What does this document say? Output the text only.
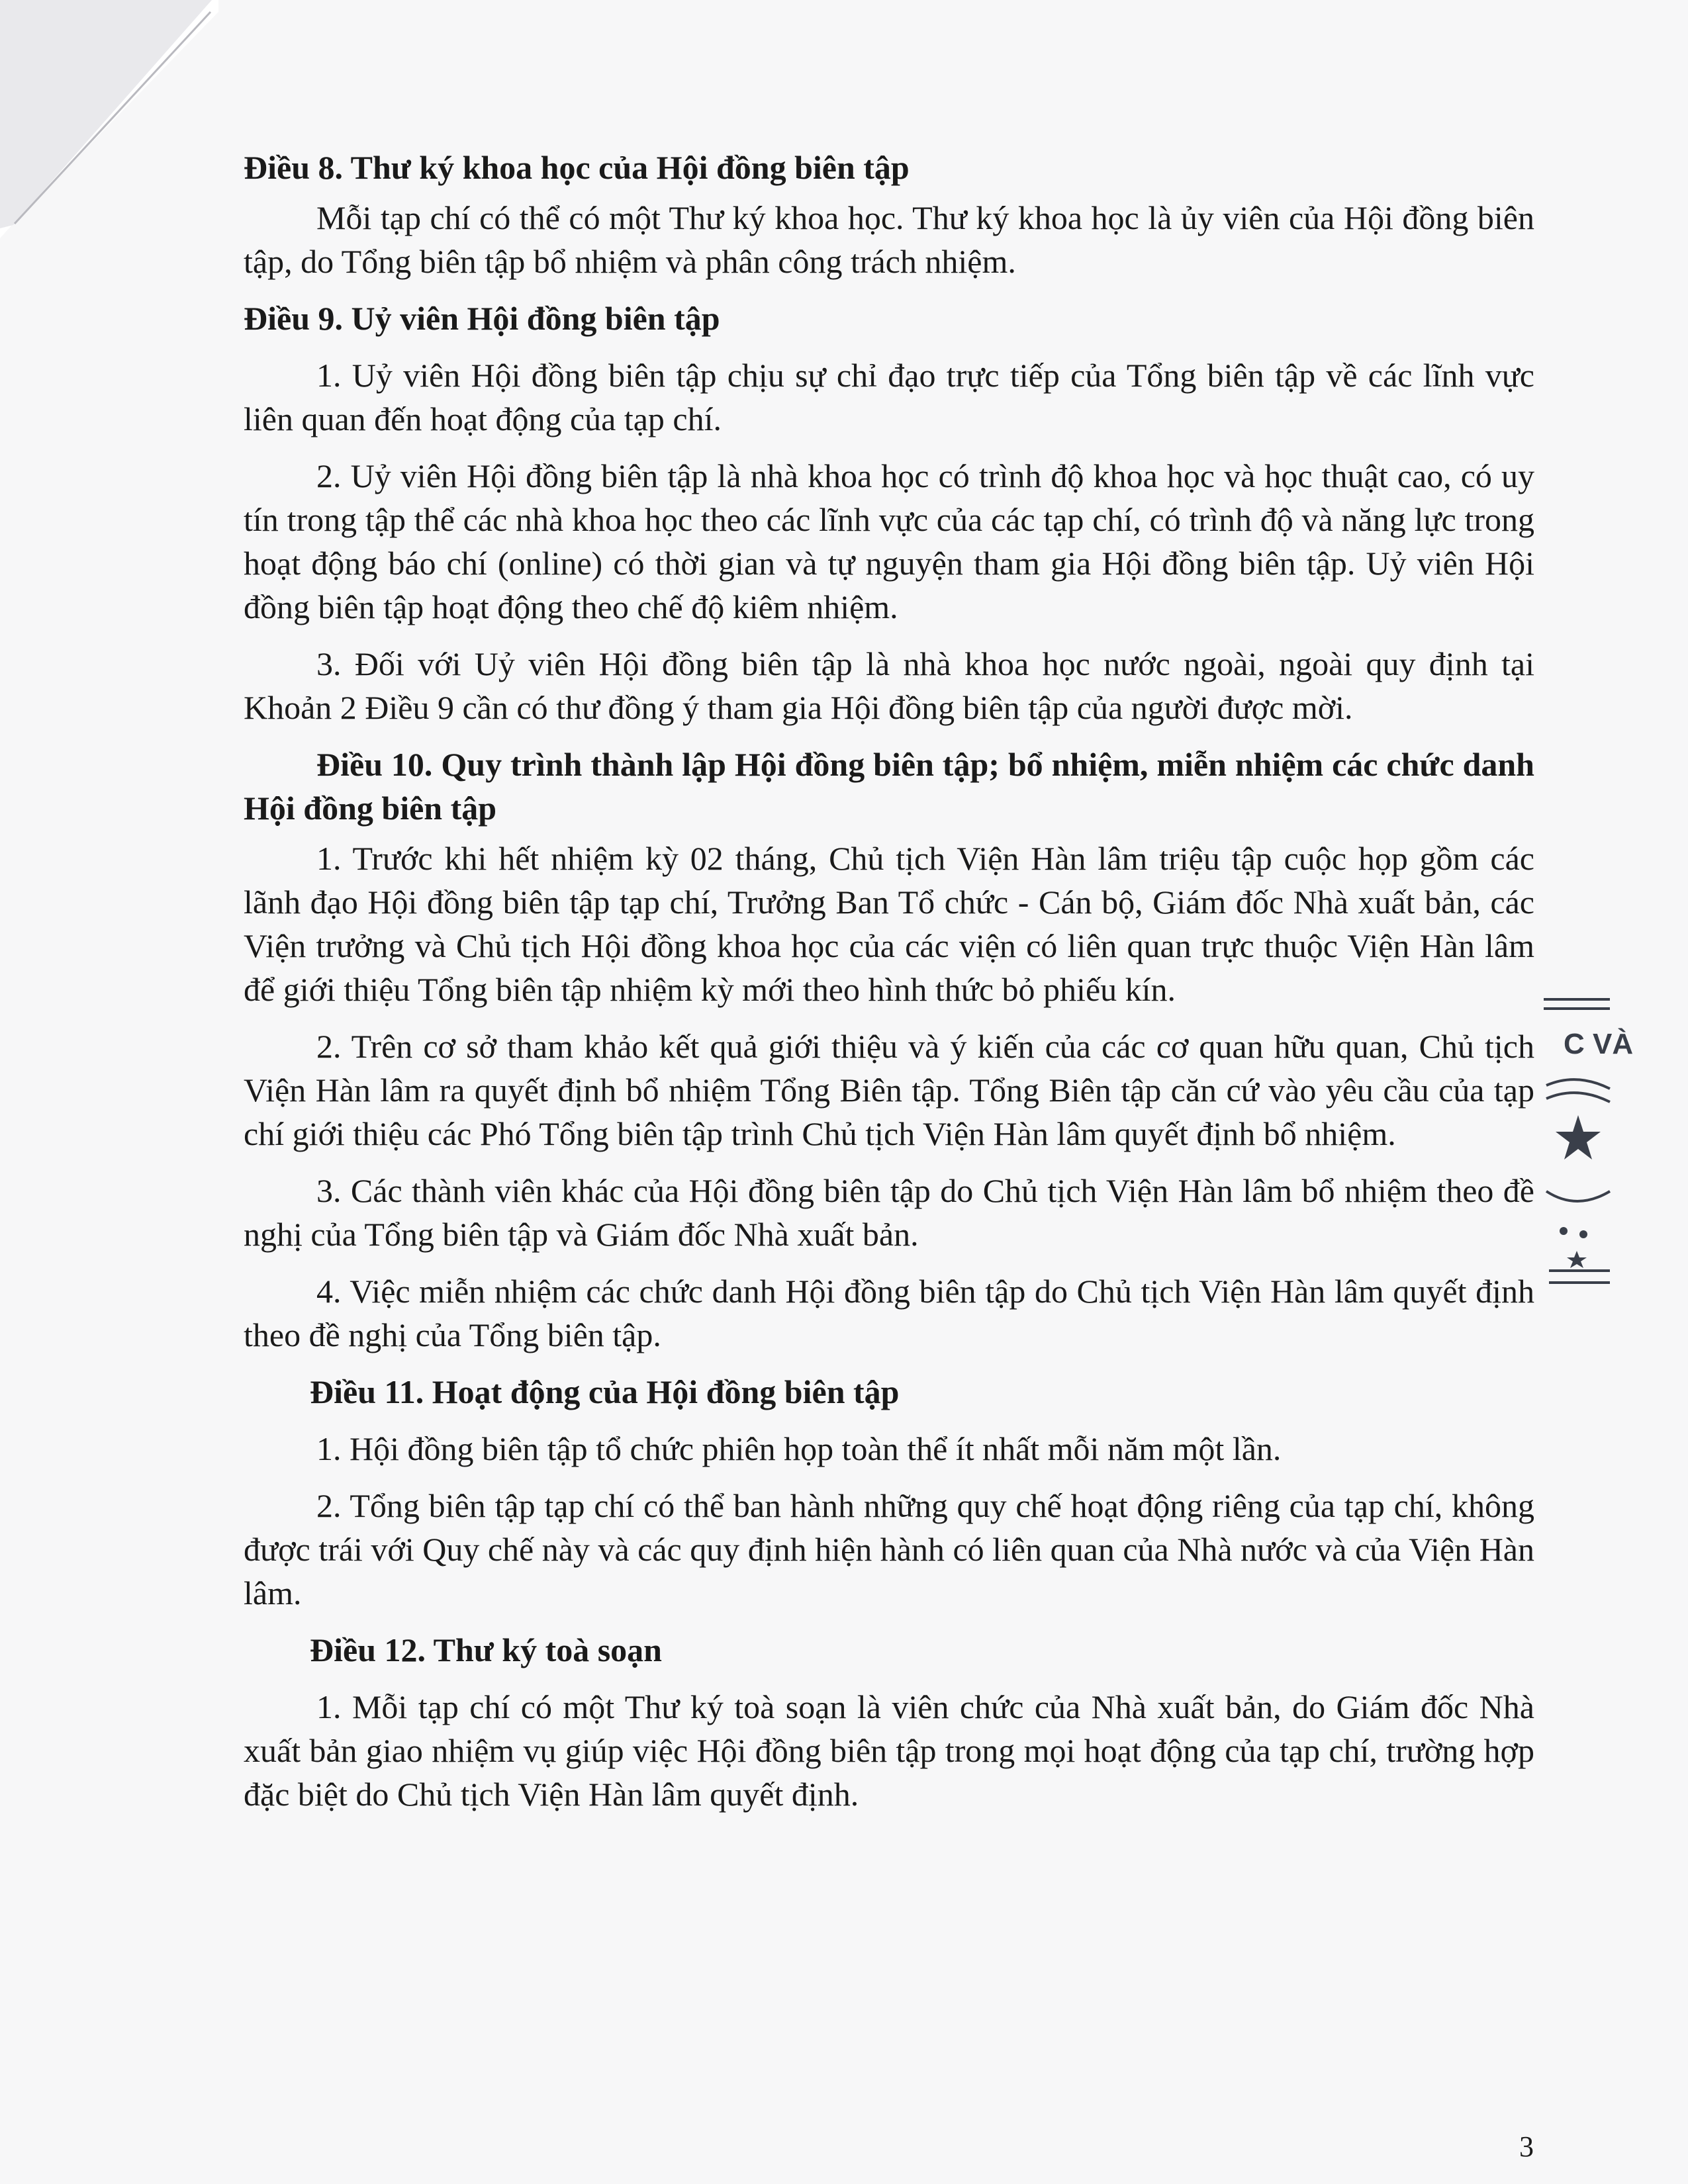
Điều 8. Thư ký khoa học của Hội đồng biên tập

Mỗi tạp chí có thể có một Thư ký khoa học. Thư ký khoa học là ủy viên của Hội đồng biên tập, do Tổng biên tập bổ nhiệm và phân công trách nhiệm.

Điều 9. Uỷ viên Hội đồng biên tập

1. Uỷ viên Hội đồng biên tập chịu sự chỉ đạo trực tiếp của Tổng biên tập về các lĩnh vực liên quan đến hoạt động của tạp chí.

2. Uỷ viên Hội đồng biên tập là nhà khoa học có trình độ khoa học và học thuật cao, có uy tín trong tập thể các nhà khoa học theo các lĩnh vực của các tạp chí, có trình độ và năng lực trong hoạt động báo chí (online) có thời gian và tự nguyện tham gia Hội đồng biên tập. Uỷ viên Hội đồng biên tập hoạt động theo chế độ kiêm nhiệm.

3. Đối với Uỷ viên Hội đồng biên tập là nhà khoa học nước ngoài, ngoài quy định tại Khoản 2 Điều 9 cần có thư đồng ý tham gia Hội đồng biên tập của người được mời.

Điều 10. Quy trình thành lập Hội đồng biên tập; bổ nhiệm, miễn nhiệm các chức danh Hội đồng biên tập

1. Trước khi hết nhiệm kỳ 02 tháng, Chủ tịch Viện Hàn lâm triệu tập cuộc họp gồm các lãnh đạo Hội đồng biên tập tạp chí, Trưởng Ban Tổ chức - Cán bộ, Giám đốc Nhà xuất bản, các Viện trưởng và Chủ tịch Hội đồng khoa học của các viện có liên quan trực thuộc Viện Hàn lâm để giới thiệu Tổng biên tập nhiệm kỳ mới theo hình thức bỏ phiếu kín.

2. Trên cơ sở tham khảo kết quả giới thiệu và ý kiến của các cơ quan hữu quan, Chủ tịch Viện Hàn lâm ra quyết định bổ nhiệm Tổng Biên tập. Tổng Biên tập căn cứ vào yêu cầu của tạp chí giới thiệu các Phó Tổng biên tập trình Chủ tịch Viện Hàn lâm quyết định bổ nhiệm.

3. Các thành viên khác của Hội đồng biên tập do Chủ tịch Viện Hàn lâm bổ nhiệm theo đề nghị của Tổng biên tập và Giám đốc Nhà xuất bản.

4. Việc miễn nhiệm các chức danh Hội đồng biên tập do Chủ tịch Viện Hàn lâm quyết định theo đề nghị của Tổng biên tập.

Điều 11. Hoạt động của Hội đồng biên tập

1. Hội đồng biên tập tổ chức phiên họp toàn thể ít nhất mỗi năm một lần.

2. Tổng biên tập tạp chí có thể ban hành những quy chế hoạt động riêng của tạp chí, không được trái với Quy chế này và các quy định hiện hành có liên quan của Nhà nước và của Viện Hàn lâm.

Điều 12. Thư ký toà soạn

1. Mỗi tạp chí có một Thư ký toà soạn là viên chức của Nhà xuất bản, do Giám đốc Nhà xuất bản giao nhiệm vụ giúp việc Hội đồng biên tập trong mọi hoạt động của tạp chí, trường hợp đặc biệt do Chủ tịch Viện Hàn lâm quyết định.

C VÀ
3
